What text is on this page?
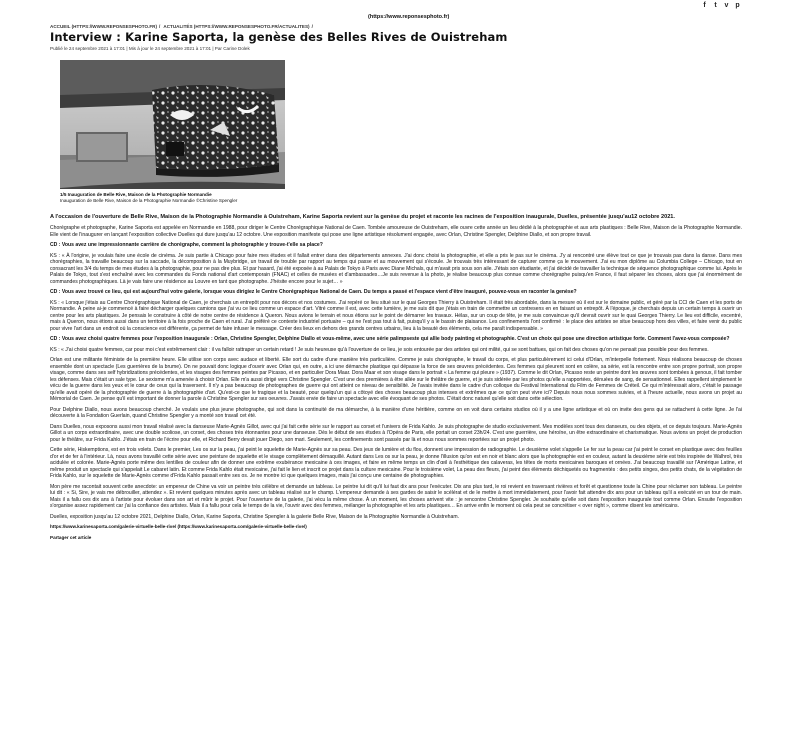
(https://www.reponsesphoto.fr)
f	t	v p
ACCUEIL (HTTPS://WWW.REPONSESPHOTO.FR) / ACTUALITÉS (HTTPS://WWW.REPONSESPHOTO.FR/ACTUALITES) /
Interview : Karine Saporta, la genèse des Belles Rives de Ouistreham
Publié le 24 septembre 2021 à 17:01 | Mis à jour le 24 septembre 2021 à 17:01 | Par Carine Dolek
1/5 Inauguration de Belle Rive, Maison de la Photographie Normandie
Inauguration de Belle Rive, Maison de la Photographie Normandie ©Christine Spengler

A l'occasion de l'ouverture de Belle Rive, Maison de la Photographie Normandie à Ouistreham, Karine Saporta revient sur la genèse du projet et raconte les racines de l'exposition inaugurale, Duelles, présentée jusqu'au12 octobre 2021.

Chorégraphe et photographe, Karine Saporta est appelée en Normandie en 1988, pour diriger le Centre Chorégraphique National de Caen. Tombée amoureuse de Ouistreham, elle ouvre cette année un lieu dédié à la photographie et aux arts plastiques : Belle Rive, Maison de la Photographie Normandie. Elle vient de l'inaugurer en lançant l'exposition collective Duelles qui dure jusqu'au 12 octobre. Une exposition manifeste qui pose une ligne artistique résolument engagée, avec Orlan, Christine Spengler, Delphine Diallo, et son propre travail.

CD : Vous avez une impressionnante carrière de chorégraphe, comment la photographie y trouve-t'elle sa place?

KS : « À l'origine, je voulais faire une école de cinéma. Je suis partie à Chicago pour faire mes études et il fallait entrer dans des départements annexes. J'ai donc choisi la photographie, et elle a pris le pas sur le cinéma. J'y ai rencontré une élève tout ce que je trouvais pas dans la danse. Dans mes chorégraphies, la travaille beaucoup sur la saccade, la décomposition à la Muybridge, un travail de trouble par rapport au temps qui passe et au mouvement qui s'écoule. Je trouvais très intéressant de capturer comme ça le mouvement. J'ai eu mon diplôme au Columbia College – Chicago, tout en consacrant les 3/4 du temps de mes études à la photographie, pour ne pas dire plus. Et par hasard, j'ai été exposée à au Palais de Tokyo à Paris avec Diane Michals, qui m'avait pris sous son aile. J'étais son étudiante, et j'ai décidé de travailler la technique de séquence photographique comme lui. Après le Palais de Tokyo, tout s'est enchaîné avec les commandes du Fonds national d'art contemporain (FNAC) et celles de musées et d'ambassades…Je suis revenue à la photo, je réalise beaucoup plus connue comme chorégraphe puisqu'en France, il faut séparer les choses, alors que j'ai énormément de commandes photographiques. Là je vais faire une résidence au Louvre en tant que photographe. J'hésite encore pour le sujet… »

CD : Vous avez trouvé ce lieu, qui est aujourd'hui votre galerie, lorsque vous dirigiez le Centre Chorégraphique National de Caen. Du temps a passé et l'espace vient d'être inauguré, pouvez-vous en raconter la genèse?

KS : « Lorsque j'étais au Centre Chorégraphique National de Caen, je cherchais un entrepôt pour nos décors et nos costumes. J'ai repéré ce lieu situé sur le quai Georges Thierry à Ouistreham. Il était très abordable, dans la mesure où il est sur le domaine public, et géré par la CCI de Caen et les ports de Normandie. À peine ai-je commencé à faire décharger quelques camions que j'ai vu ce lieu comme un espace d'art. Vitré comme il est, avec cette lumière, je me suis dit que j'étais en train de commettre un contresens en en faisant un entrepôt. À l'époque, je cherchais depuis un certain temps à ouvrir un centre pour les arts plastiques. Je pensais le construire à côté de notre centre de résidence à Queron. Nous avions le terrain et nous étions sur le point de démarrer les travaux. Hélas, sur un coup de tête, je me suis convaincue qu'il devrait ouvrir sur le quai Georges Thierry. Le lieu est difficile, excentré, mais à Queron, nous étions aussi dans un territoire à la fois proche de Caen et rural. J'ai préféré ce contexte industriel portuaire – qui ne l'est pas tout à fait, puisqu'il y a le bassin de plaisance. Les confinements l'ont confirmé : le place des artistes se situe beaucoup hors des villes, et faire venir du public pour vivre l'art dans un endroit où la conscience est différente, ça permet de faire infuser le message. Créer des lieux en dehors des grands centres urbains, lieu à la beauté des éléments, cela me paraît indispensable. »

CD : Vous avez choisi quatre femmes pour l'exposition inaugurale : Orlan, Christine Spengler, Delphine Diallo et vous-même, avec une série palimpseste qui allie body painting et photographie. C'est un choix qui pose une direction artistique forte. Comment l'avez-vous composée?

KS : « J'ai choisi quatre femmes, car pour moi c'est extrêmement clair : il va falloir rattraper un certain retard ! Je suis heureuse qu'à l'ouverture de ce lieu, je sois entourée par des artistes qui ont milité, qui se sont battues, qui on fait des choses qu'on ne pensait pas possible pour des femmes.

Orlan est une militante féministe de la première heure. Elle utilise son corps avec audace et liberté. Elle sort du cadre d'une manière très particulière. Comme je suis chorégraphe, le travail du corps, et plus particulièrement ici celui d'Orlan, m'interpelle fortement. Nous réalisons beaucoup de choses ensemble dont un spectacle (Les guerrières de la brume). On ne pouvait donc logique d'ouvrir avec Orlan qui, en outre, a ici une démarche plastique qui dépasse la force de ses œuvres précédentes. Ces femmes qui pleurent sont en colère, sa série, est la rencontre entre son propre portrait, son propre visage, comme dans ses self hybridizations précédentes, et les visages des femmes peintes par Picasso, et en particulier Dora Maar. Dora Maar et son visage dans le portrait « La femme qui pleure » (1937). Comme le dit Orlan, Picasso reste un peintre dont les œuvres sont tombées à genoux, il fait tomber les défenses. Mais c'était un sale type. Le sexisme m'a amenée à choisir Orlan. Elle m'a aussi dirigé vers Christine Spengler. C'est une des premières à être allée sur le théâtre de guerre, et je suis sidérée par les photos qu'elle a rapportées, dénuées de sang, de sensationnel. Elles rappellent simplement le vécu de la guerre dans les yeux et le cœur de ceux qui la traversent. Il n'y a pas beaucoup de photographes de guerre qui ont atteint ce niveau de sensibilité. Je l'avais invitée dans le cadre d'un colloque du Festival International du Film de Femmes de Créteil. Ce qui m'intéressait alors, c'était le passage qu'elle avait opéré de la photographie de guerre à la photographie d'art. Qu'est-ce que le tragique et la beauté, pour quelqu'un qui a côtoyé des choses beaucoup plus intenses et extrêmes que ce qu'on peut vivre ici? Depuis nous nous sommes suivies, et à l'heure actuelle, nous avons un projet au Mémorial de Caen. Je pense qu'il est important de donner la parole à Christine Spengler sur ses oeuvres. J'avais envie de faire un spectacle avec elle évoquant de ses photos. C'était donc naturel qu'elle soit dans cette sélection.

Pour Delphine Diallo, nous avons beaucoup cherché. Je voulais une plus jeune photographe, qui soit dans la continuité de ma démarche, à la manière d'une héritière, comme on en voit dans certains studios où il y a une ligne artistique et où on invite des gens qui se rattachent à cette ligne. Je l'ai découverte à la Fondation Guerlain, quand Christine Spengler y a monté son travail cet été.

Dans Duelles, nous exposons aussi mon travail réalisé avec la danseuse Marie-Agnès Gillot, avec qui j'ai fait cette série sur le rapport au corset et l'univers de Frida Kahlo. Je suis photographe de studio exclusivement. Mes modèles sont tous des danseurs, ou des objets, et ce depuis toujours. Marie-Agnès Gillot a un corps extraordinaire, avec une double scoliose, un corset, des choses très étonnantes pour une danseuse. Dès le début de ses études à l'Opéra de Paris, elle portait un corset 23h/24. C'est une guerrière, une héroïne, un être extraordinaire et charismatique. Nous avions un projet de production pour le théâtre, sur Frida Kahlo. J'étais en train de l'écrire pour elle, et Richard Berry devait jouer Diego, son mari. Seulement, les confinements sont passés par là et nous nous sommes reportées sur un projet photo.

Cette série, Hiskemptions, est en trois volets. Dans le premier, Les os sur la peau, j'ai peint le squelette de Marie-Agnès sur sa peau. Des jeux de lumière et du flou, donnent une impression de radiographie. Le deuxième volet s'appelle Le fer sur la peau car j'ai peint le corset en plastique avec des feuilles d'or et de fer à l'intérieur. Là, nous avons travaillé cette série avec une peinture de squelette et le visage complètement démaquillé. Autant dans Les os sur la peau, je donne l'illusion qu'on est en noir et blanc alors que la photographie est en couleur, autant la deuxième série est très inspirée de Walhrol, très acidulée et colorée. Marie-Agnès porte même des lentilles de couleur afin de donner une extrême exubérance mexicaine à ces images, et faire en même temps un clin d'œil à l'esthétique des calaveras, les têtes de morts mexicaines baroques et ornées. J'ai beaucoup travaillé sur l'Amérique Latine, et même produit un spectacle qui s'appelait Le cabaret latin. Et comme Frida Kahlo était mexicaine, j'ai fait le lien et inscrit ce projet dans la culture mexicaine. Pour le troisième volet, La peau des fleurs, j'ai peint des éléments déchiquetés ou fragmentés : des petits singes, des petits chats, de la végétation de Frida Kahlo, sur le squelette de Marie-Agnès comme d'Frida Kahlo passait entre ses os. Je ne montre ici que quelques images, mais j'ai conçu une centaine de photographies.

Mon père me racontait souvent cette anecdote: un empereur de Chine va voir un peintre très célèbre et demande un tableau. Le peintre lui dit qu'il lui faut dix ans pour l'exécuter. Dix ans plus tard, le roi revient en traversant rivières et forêt et questionne toute la Chine pour réclamer son tableau. Le peintre lui dit : « Si, Sire, je vais me débrouiller, attendez ». Et revient quelques minutes après avec un tableau réalisé sur le champ. L'empereur demande à ses gardes de saisir le scélérat et de le mettre à mort immédiatement, pour l'avoir fait attendre dix ans pour un tableau qu'il a exécuté en un tour de main. Mais il a fallu ces dix ans à l'artiste pour évoluer dans son art et mûrir le projet. Pour l'ouverture de la galerie, j'ai vécu la même chose. À un moment, les choses arrivent vite : je rencontre Christine Spengler. Je souhaite qu'elle soit dans l'exposition inaugurale tout comme Orlan. Ensuite l'exposition s'organise assez rapidement car j'ai la confiance des artistes. Mais il a fallu pour cela le temps de la vie, l'ouvrir avec des femmes, mélanger la photographie et les arts plastiques… En arrive enfin le moment où cela peut se concrétiser « over night », comme disent les américains.

Duelles, exposition jusqu'au 12 octobre 2021, Delphine Diallo, Orlan, Karine Saporta, Christine Spengler à la galerie Belle Rive, Maison de la Photographie Normandie à Ouistreham.

https://www.karinesaporta.com/galerie-virtuelle-belle-rive/ (https://www.karinesaporta.com/galerie-virtuelle-belle-rive/)
Partager cet article
